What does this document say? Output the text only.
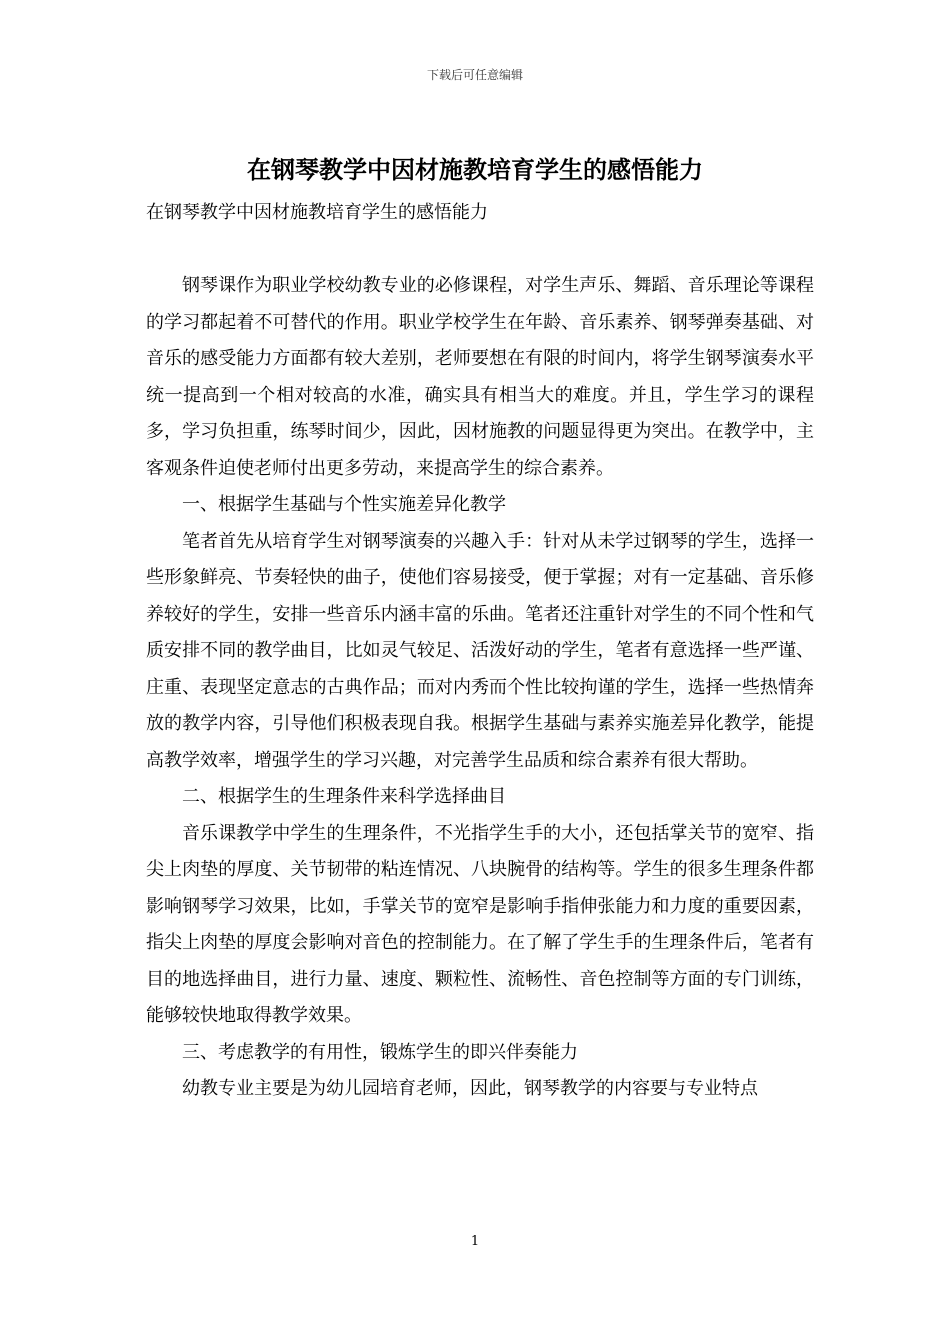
下载后可任意编辑
在钢琴教学中因材施教培育学生的感悟能力

在钢琴教学中因材施教培育学生的感悟能力

钢琴课作为职业学校幼教专业的必修课程，对学生声乐、舞蹈、音乐理论等课程的学习都起着不可替代的作用。职业学校学生在年龄、音乐素养、钢琴弹奏基础、对音乐的感受能力方面都有较大差别，老师要想在有限的时间内，将学生钢琴演奏水平统一提高到一个相对较高的水准，确实具有相当大的难度。并且，学生学习的课程多，学习负担重，练琴时间少，因此，因材施教的问题显得更为突出。在教学中，主客观条件迫使老师付出更多劳动，来提高学生的综合素养。

一、根据学生基础与个性实施差异化教学

笔者首先从培育学生对钢琴演奏的兴趣入手：针对从未学过钢琴的学生，选择一些形象鲜亮、节奏轻快的曲子，使他们容易接受，便于掌握；对有一定基础、音乐修养较好的学生，安排一些音乐内涵丰富的乐曲。笔者还注重针对学生的不同个性和气质安排不同的教学曲目，比如灵气较足、活泼好动的学生，笔者有意选择一些严谨、庄重、表现坚定意志的古典作品；而对内秀而个性比较拘谨的学生，选择一些热情奔放的教学内容，引导他们积极表现自我。根据学生基础与素养实施差异化教学，能提高教学效率，增强学生的学习兴趣，对完善学生品质和综合素养有很大帮助。

二、根据学生的生理条件来科学选择曲目

音乐课教学中学生的生理条件，不光指学生手的大小，还包括掌关节的宽窄、指尖上肉垫的厚度、关节韧带的粘连情况、八块腕骨的结构等。学生的很多生理条件都影响钢琴学习效果，比如，手掌关节的宽窄是影响手指伸张能力和力度的重要因素，指尖上肉垫的厚度会影响对音色的控制能力。在了解了学生手的生理条件后，笔者有目的地选择曲目，进行力量、速度、颗粒性、流畅性、音色控制等方面的专门训练，能够较快地取得教学效果。

三、考虑教学的有用性，锻炼学生的即兴伴奏能力

幼教专业主要是为幼儿园培育老师，因此，钢琴教学的内容要与专业特点

1
